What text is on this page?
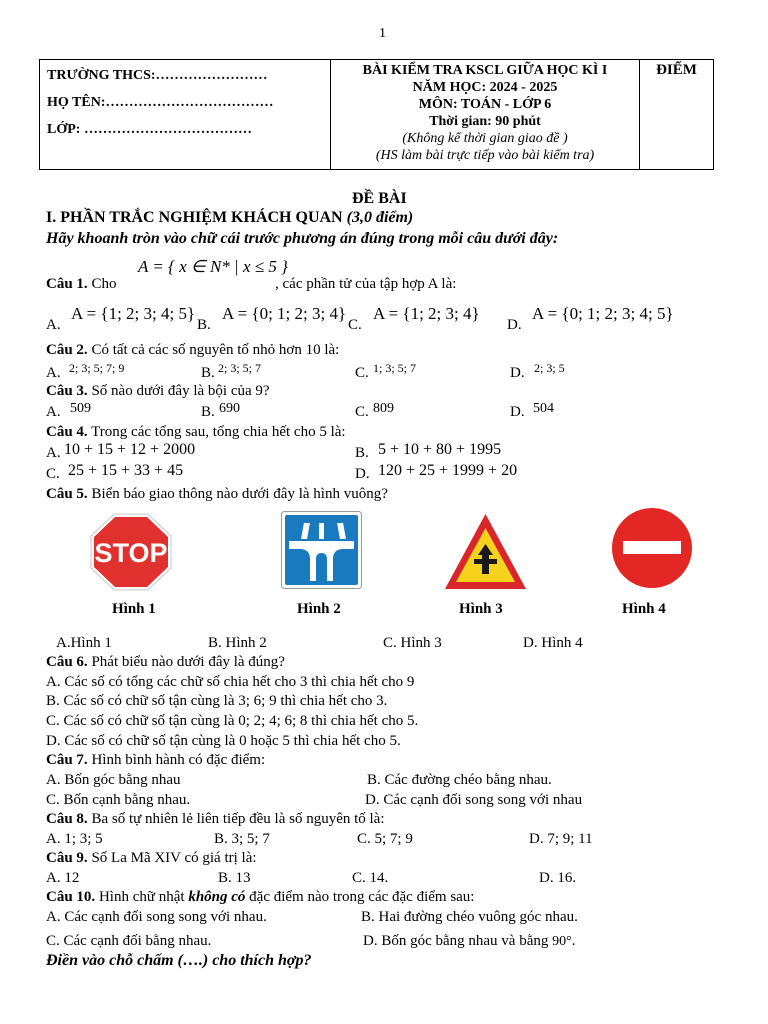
1
TRƯỜNG THCS:……………………
HỌ TÊN:………………………………
LỚP: ………………………………

BÀI KIỂM TRA KSCL GIỮA HỌC KÌ I
NĂM HỌC: 2024 - 2025
MÔN: TOÁN - LỚP 6
Thời gian: 90 phút
(Không kể thời gian giao đề )
(HS làm bài trực tiếp vào bài kiểm tra)

ĐIỂM
ĐỀ BÀI
I. PHẦN TRẮC NGHIỆM KHÁCH QUAN (3,0 điểm)
Hãy khoanh tròn vào chữ cái trước phương án đúng trong mỗi câu dưới đây:
Câu 1. Cho
A = { x ∈ N* | x ≤ 5 }
, các phần tử của tập hợp A là:
A.
A = {1; 2; 3; 4; 5}
B.
A = {0; 1; 2; 3; 4}
C.
A = {1; 2; 3; 4}
D.
A = {0; 1; 2; 3; 4; 5}
Câu 2. Có tất cả các số nguyên tố nhỏ hơn 10 là:
A. 2; 3; 5; 7; 9	B. 2; 3; 5; 7	C. 1; 3; 5; 7	D. 2; 3; 5
Câu 3. Số nào dưới đây là bội của 9?
A. 509	B. 690	C. 809	D. 504
Câu 4. Trong các tổng sau, tổng chia hết cho 5 là:
A. 10 + 15 + 12 + 2000	B. 5 + 10 + 80 + 1995
C. 25 + 15 + 33 + 45	D. 120 + 25 + 1999 + 20
Câu 5. Biển báo giao thông nào dưới đây là hình vuông?
STOP
Hình 1	Hình 2	Hình 3	Hình 4
A.Hình 1	B. Hình 2	C. Hình 3	D. Hình 4
Câu 6. Phát biểu nào dưới đây là đúng?
A. Các số có tổng các chữ số chia hết cho 3 thì chia hết cho 9
B. Các số có chữ số tận cùng là 3; 6; 9 thì chia hết cho 3.
C. Các số có chữ số tận cùng là 0; 2; 4; 6; 8 thì chia hết cho 5.
D. Các số có chữ số tận cùng là 0 hoặc 5 thì chia hết cho 5.
Câu 7. Hình bình hành có đặc điểm:
A. Bốn góc bằng nhau	B. Các đường chéo bằng nhau.
C. Bốn cạnh bằng nhau.	D. Các cạnh đối song song với nhau
Câu 8. Ba số tự nhiên lẻ liên tiếp đều là số nguyên tố là:
A. 1; 3; 5	B. 3; 5; 7	C. 5; 7; 9	D. 7; 9; 11
Câu 9. Số La Mã XIV có giá trị là:
A. 12	B. 13	C. 14.	D. 16.
Câu 10. Hình chữ nhật không có đặc điểm nào trong các đặc điểm sau:
A. Các cạnh đối song song với nhau.	B. Hai đường chéo vuông góc nhau.
C. Các cạnh đối bằng nhau.	D. Bốn góc bằng nhau và bằng 90°.
Điền vào chỗ chấm (….) cho thích hợp?
